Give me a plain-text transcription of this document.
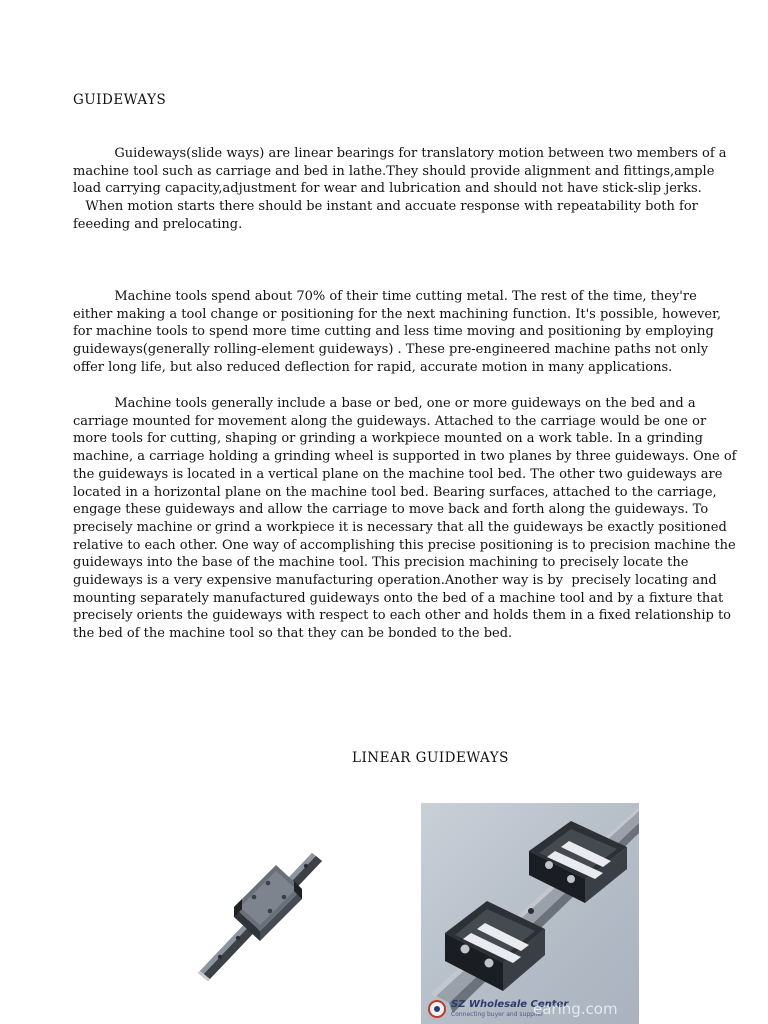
GUIDEWAYS

Guideways(slide ways) are linear bearings for translatory motion between two members of a
machine tool such as carriage and bed in lathe.They should provide alignment and fittings,ample
load carrying capacity,adjustment for wear and lubrication and should not have stick-slip jerks.
When motion starts there should be instant and accuate response with repeatability both for
feeeding and prelocating.

Machine tools spend about 70% of their time cutting metal. The rest of the time, they're
either making a tool change or positioning for the next machining function. It's possible, however,
for machine tools to spend more time cutting and less time moving and positioning by employing
guideways(generally rolling-element guideways) . These pre-engineered machine paths not only
offer long life, but also reduced deflection for rapid, accurate motion in many applications.

Machine tools generally include a base or bed, one or more guideways on the bed and a
carriage mounted for movement along the guideways. Attached to the carriage would be one or
more tools for cutting, shaping or grinding a workpiece mounted on a work table. In a grinding
machine, a carriage holding a grinding wheel is supported in two planes by three guideways. One of
the guideways is located in a vertical plane on the machine tool bed. The other two guideways are
located in a horizontal plane on the machine tool bed. Bearing surfaces, attached to the carriage,
engage these guideways and allow the carriage to move back and forth along the guideways. To
precisely machine or grind a workpiece it is necessary that all the guideways be exactly positioned
relative to each other. One way of accomplishing this precise positioning is to precision machine the
guideways into the base of the machine tool. This precision machining to precisely locate the
guideways is a very expensive manufacturing operation.Another way is by  precisely locating and
mounting separately manufactured guideways onto the bed of a machine tool and by a fixture that
precisely orients the guideways with respect to each other and holds them in a fixed relationship to
the bed of the machine tool so that they can be bonded to the bed.

LINEAR GUIDEWAYS
SZ Wholesale Center
Connecting buyer and supplier
earing.com
